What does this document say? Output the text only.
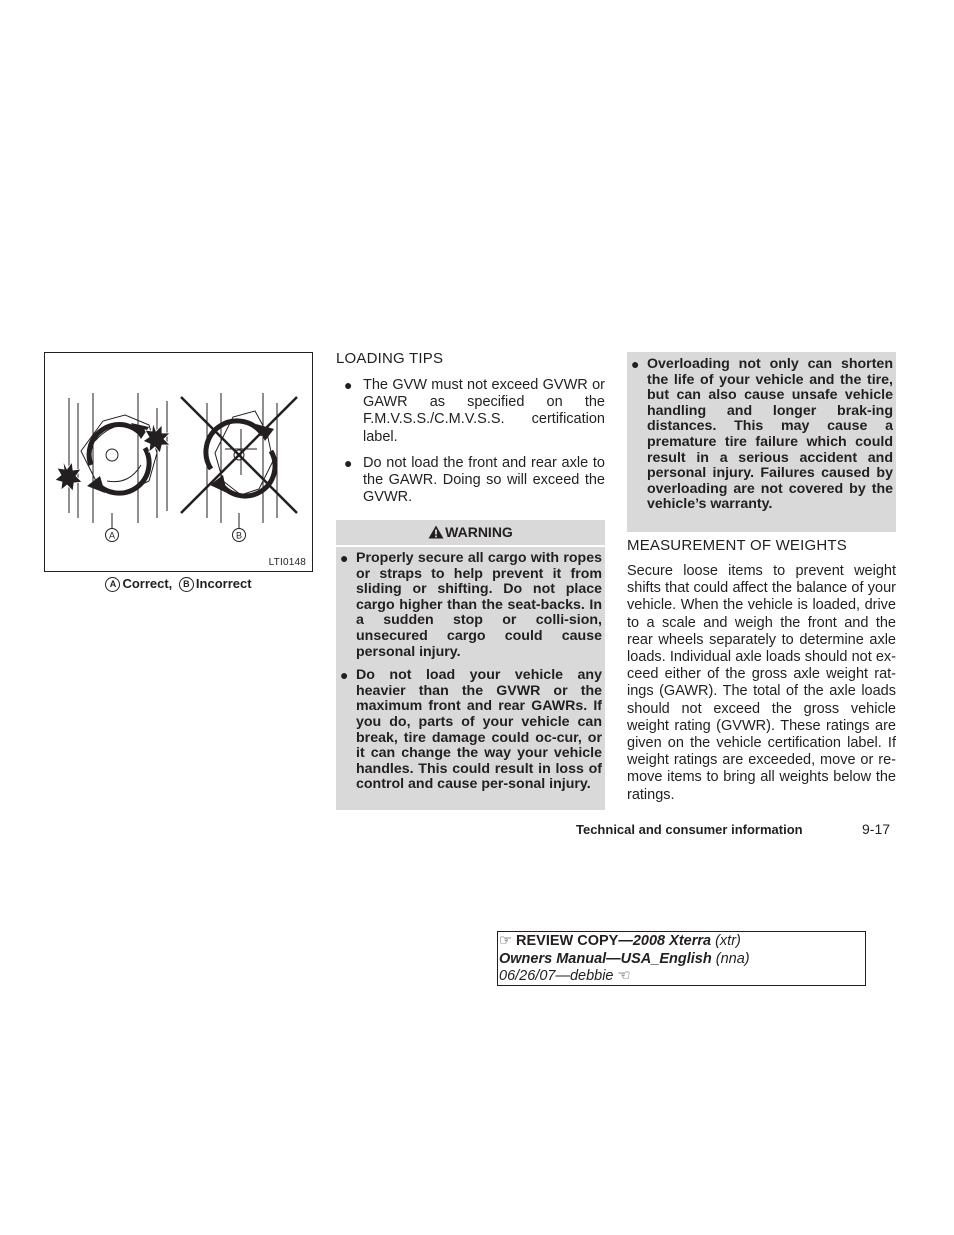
A	B
LTI0148
A Correct, B Incorrect
LOADING TIPS
● The GVW must not exceed GVWR or GAWR as specified on the F.M.V.S.S./C.M.V.S.S. certification label.
● Do not load the front and rear axle to the GAWR. Doing so will exceed the GVWR.
WARNING
● Properly secure all cargo with ropes or straps to help prevent it from sliding or shifting. Do not place cargo higher than the seat-backs. In a sudden stop or colli-sion, unsecured cargo could cause personal injury.
● Do not load your vehicle any heavier than the GVWR or the maximum front and rear GAWRs. If you do, parts of your vehicle can break, tire damage could oc-cur, or it can change the way your vehicle handles. This could result in loss of control and cause per-sonal injury.
● Overloading not only can shorten the life of your vehicle and the tire, but can also cause unsafe vehicle handling and longer brak-ing distances. This may cause a premature tire failure which could result in a serious accident and personal injury. Failures caused by overloading are not covered by the vehicle’s warranty.
MEASUREMENT OF WEIGHTS
Secure loose items to prevent weight shifts that could affect the balance of your vehicle. When the vehicle is loaded, drive to a scale and weigh the front and the rear wheels separately to determine axle loads. Individual axle loads should not ex-ceed either of the gross axle weight rat-ings (GAWR). The total of the axle loads should not exceed the gross vehicle weight rating (GVWR). These ratings are given on the vehicle certification label. If weight ratings are exceeded, move or re-move items to bring all weights below the ratings.
Technical and consumer information	9-17
☞ REVIEW COPY—2008 Xterra (xtr)
Owners Manual—USA_English (nna)
06/26/07—debbie ☜
